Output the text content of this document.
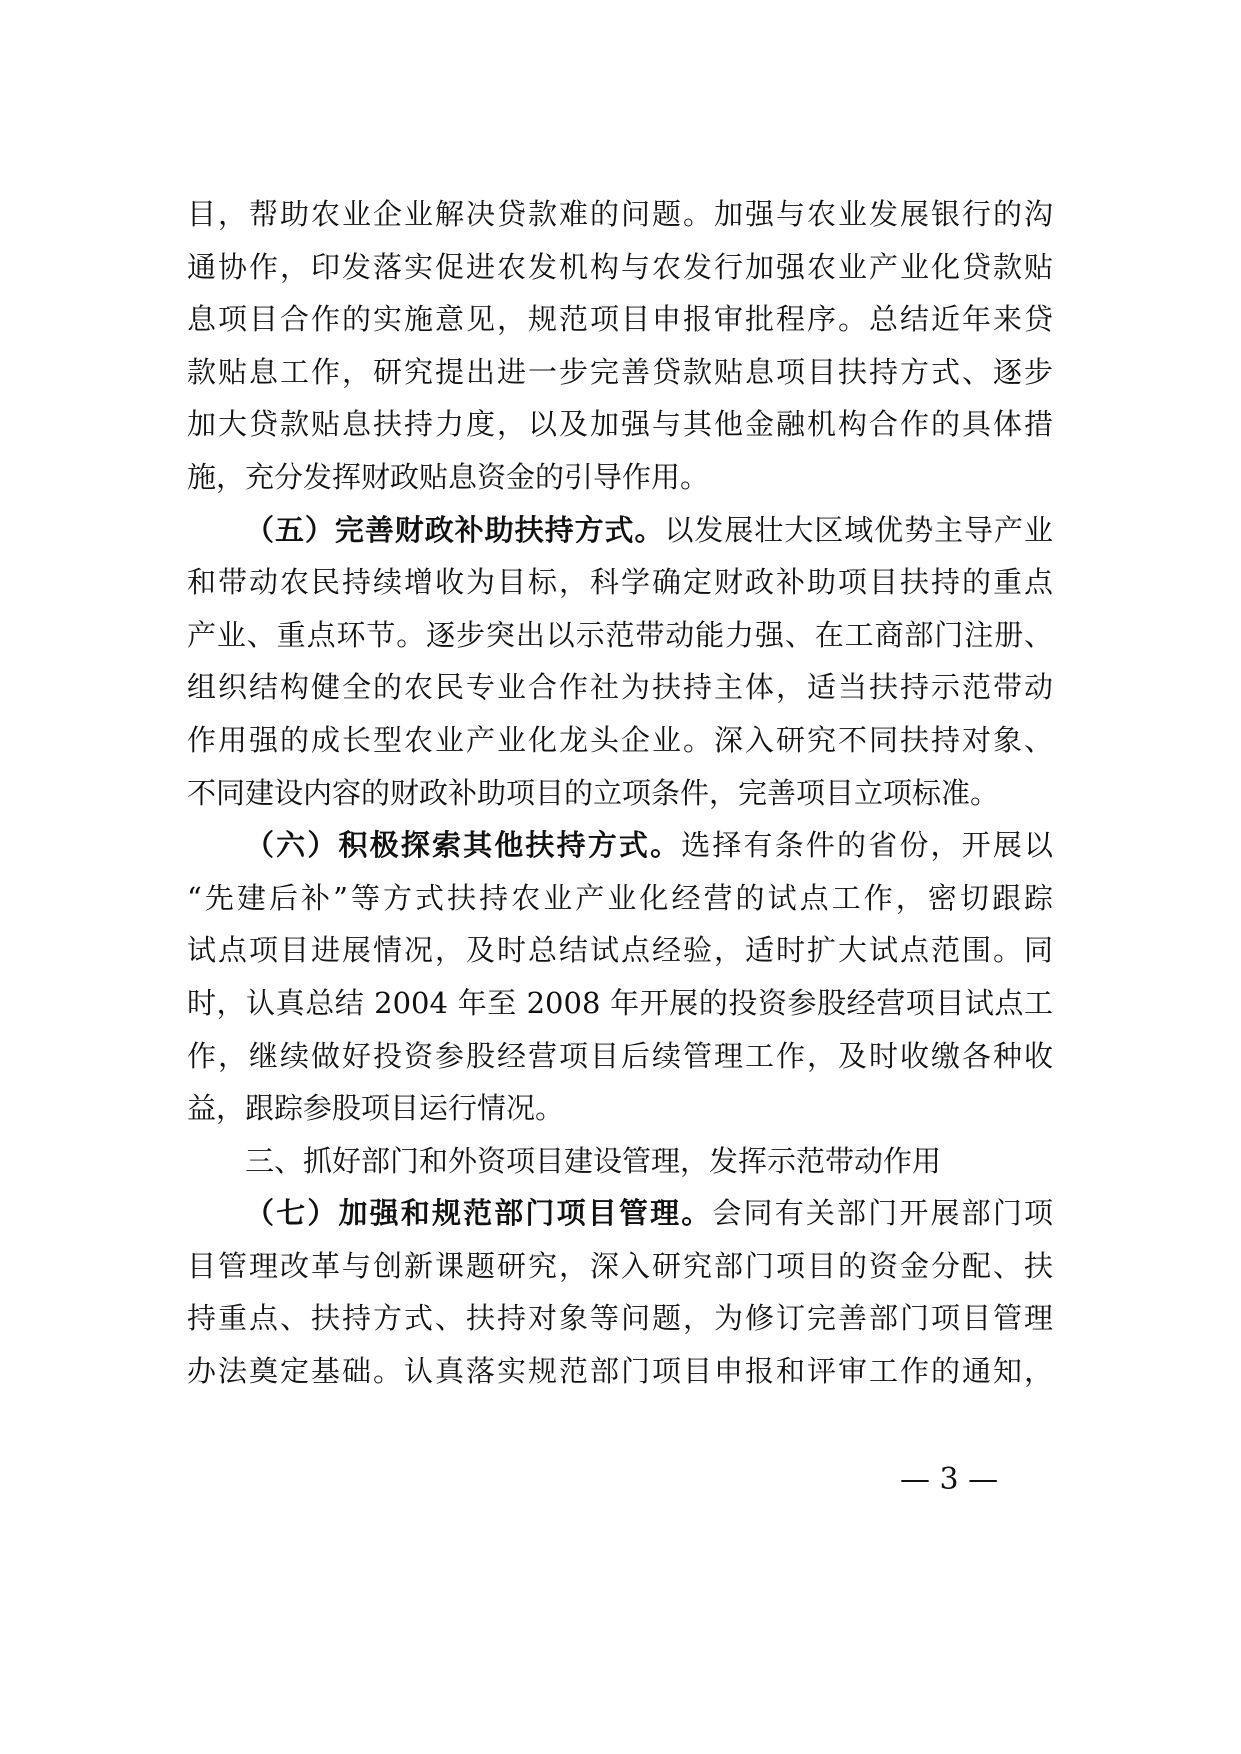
目，帮助农业企业解决贷款难的问题。加强与农业发展银行的沟
通协作，印发落实促进农发机构与农发行加强农业产业化贷款贴
息项目合作的实施意见，规范项目申报审批程序。总结近年来贷
款贴息工作，研究提出进一步完善贷款贴息项目扶持方式、逐步
加大贷款贴息扶持力度，以及加强与其他金融机构合作的具体措
施，充分发挥财政贴息资金的引导作用。
（五）完善财政补助扶持方式。以发展壮大区域优势主导产业
和带动农民持续增收为目标，科学确定财政补助项目扶持的重点
产业、重点环节。逐步突出以示范带动能力强、在工商部门注册、
组织结构健全的农民专业合作社为扶持主体，适当扶持示范带动
作用强的成长型农业产业化龙头企业。深入研究不同扶持对象、
不同建设内容的财政补助项目的立项条件，完善项目立项标准。
（六）积极探索其他扶持方式。选择有条件的省份，开展以
“先建后补”等方式扶持农业产业化经营的试点工作，密切跟踪
试点项目进展情况，及时总结试点经验，适时扩大试点范围。同
时，认真总结 2004 年至 2008 年开展的投资参股经营项目试点工
作，继续做好投资参股经营项目后续管理工作，及时收缴各种收
益，跟踪参股项目运行情况。
三、抓好部门和外资项目建设管理，发挥示范带动作用
（七）加强和规范部门项目管理。会同有关部门开展部门项
目管理改革与创新课题研究，深入研究部门项目的资金分配、扶
持重点、扶持方式、扶持对象等问题，为修订完善部门项目管理
办法奠定基础。认真落实规范部门项目申报和评审工作的通知，
— 3 —
